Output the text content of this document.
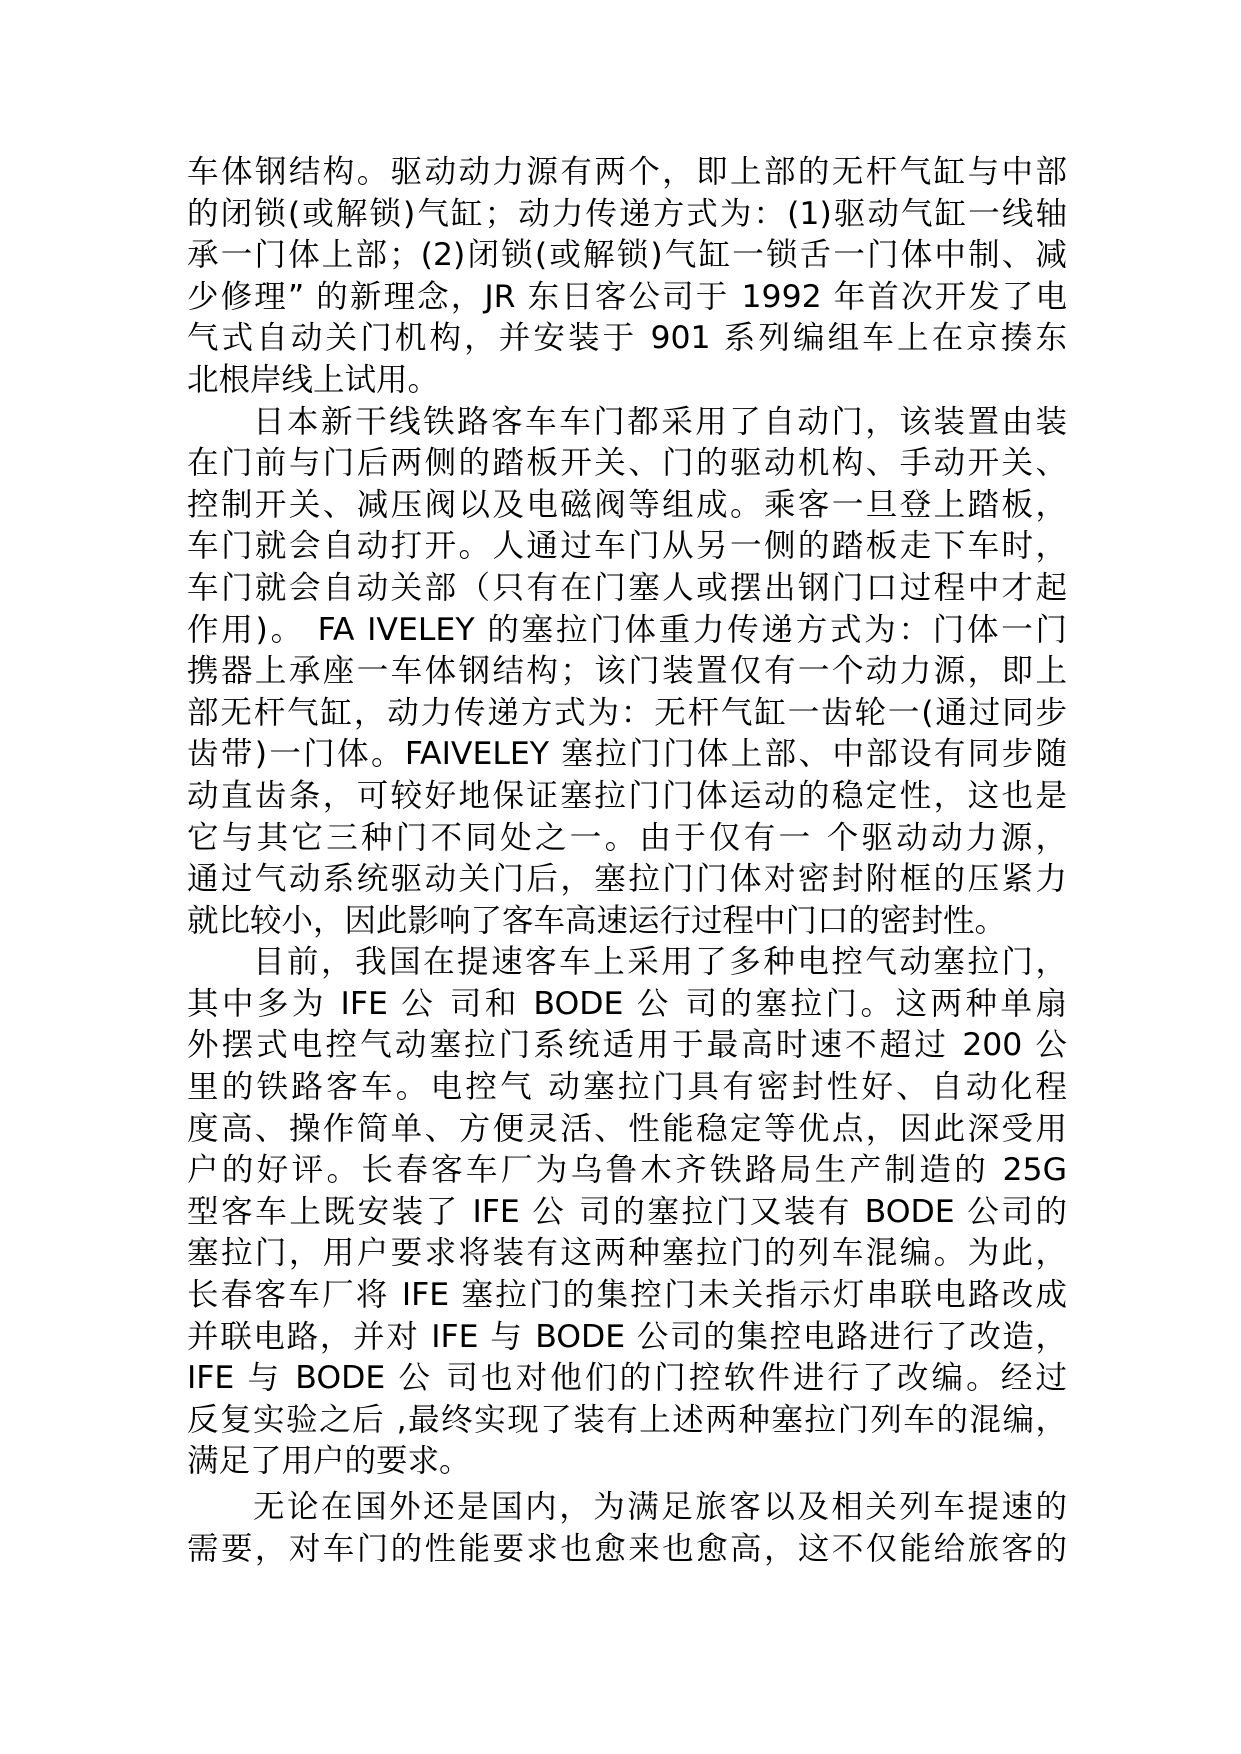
车体钢结构。驱动动力源有两个，即上部的无杆气缸与中部
的闭锁(或解锁)气缸；动力传递方式为：(1)驱动气缸一线轴
承一门体上部；(2)闭锁(或解锁)气缸一锁舌一门体中制、减
少修理” 的新理念，JR 东日客公司于 1992 年首次开发了电
气式自动关门机构，并安装于 901 系列编组车上在京揍东
北根岸线上试用。
日本新干线铁路客车车门都采用了自动门，该装置由装
在门前与门后两侧的踏板开关、门的驱动机构、手动开关、
控制开关、减压阀以及电磁阀等组成。乘客一旦登上踏板，
车门就会自动打开。人通过车门从另一侧的踏板走下车时，
车门就会自动关部（只有在门塞人或摆出钢门口过程中才起
作用)。 FA IVELEY 的塞拉门体重力传递方式为：门体一门
携器上承座一车体钢结构；该门装置仅有一个动力源，即上
部无杆气缸，动力传递方式为：无杆气缸一齿轮一(通过同步
齿带)一门体。FAIVELEY 塞拉门门体上部、中部设有同步随
动直齿条，可较好地保证塞拉门门体运动的稳定性，这也是
它与其它三种门不同处之一。由于仅有一 个驱动动力源，
通过气动系统驱动关门后，塞拉门门体对密封附框的压紧力
就比较小，因此影响了客车高速运行过程中门口的密封性。
目前，我国在提速客车上采用了多种电控气动塞拉门，
其中多为 IFE 公 司和 BODE 公 司的塞拉门。这两种单扇
外摆式电控气动塞拉门系统适用于最高时速不超过 200 公
里的铁路客车。电控气 动塞拉门具有密封性好、自动化程
度高、操作简单、方便灵活、性能稳定等优点，因此深受用
户的好评。长春客车厂为乌鲁木齐铁路局生产制造的 25G
型客车上既安装了 IFE 公 司的塞拉门又装有 BODE 公司的
塞拉门，用户要求将装有这两种塞拉门的列车混编。为此，
长春客车厂将 IFE 塞拉门的集控门未关指示灯串联电路改成
并联电路，并对 IFE 与 BODE 公司的集控电路进行了改造，
IFE 与 BODE 公 司也对他们的门控软件进行了改编。经过
反复实验之后 ,最终实现了装有上述两种塞拉门列车的混编，
满足了用户的要求。
无论在国外还是国内，为满足旅客以及相关列车提速的
需要，对车门的性能要求也愈来也愈高，这不仅能给旅客的
